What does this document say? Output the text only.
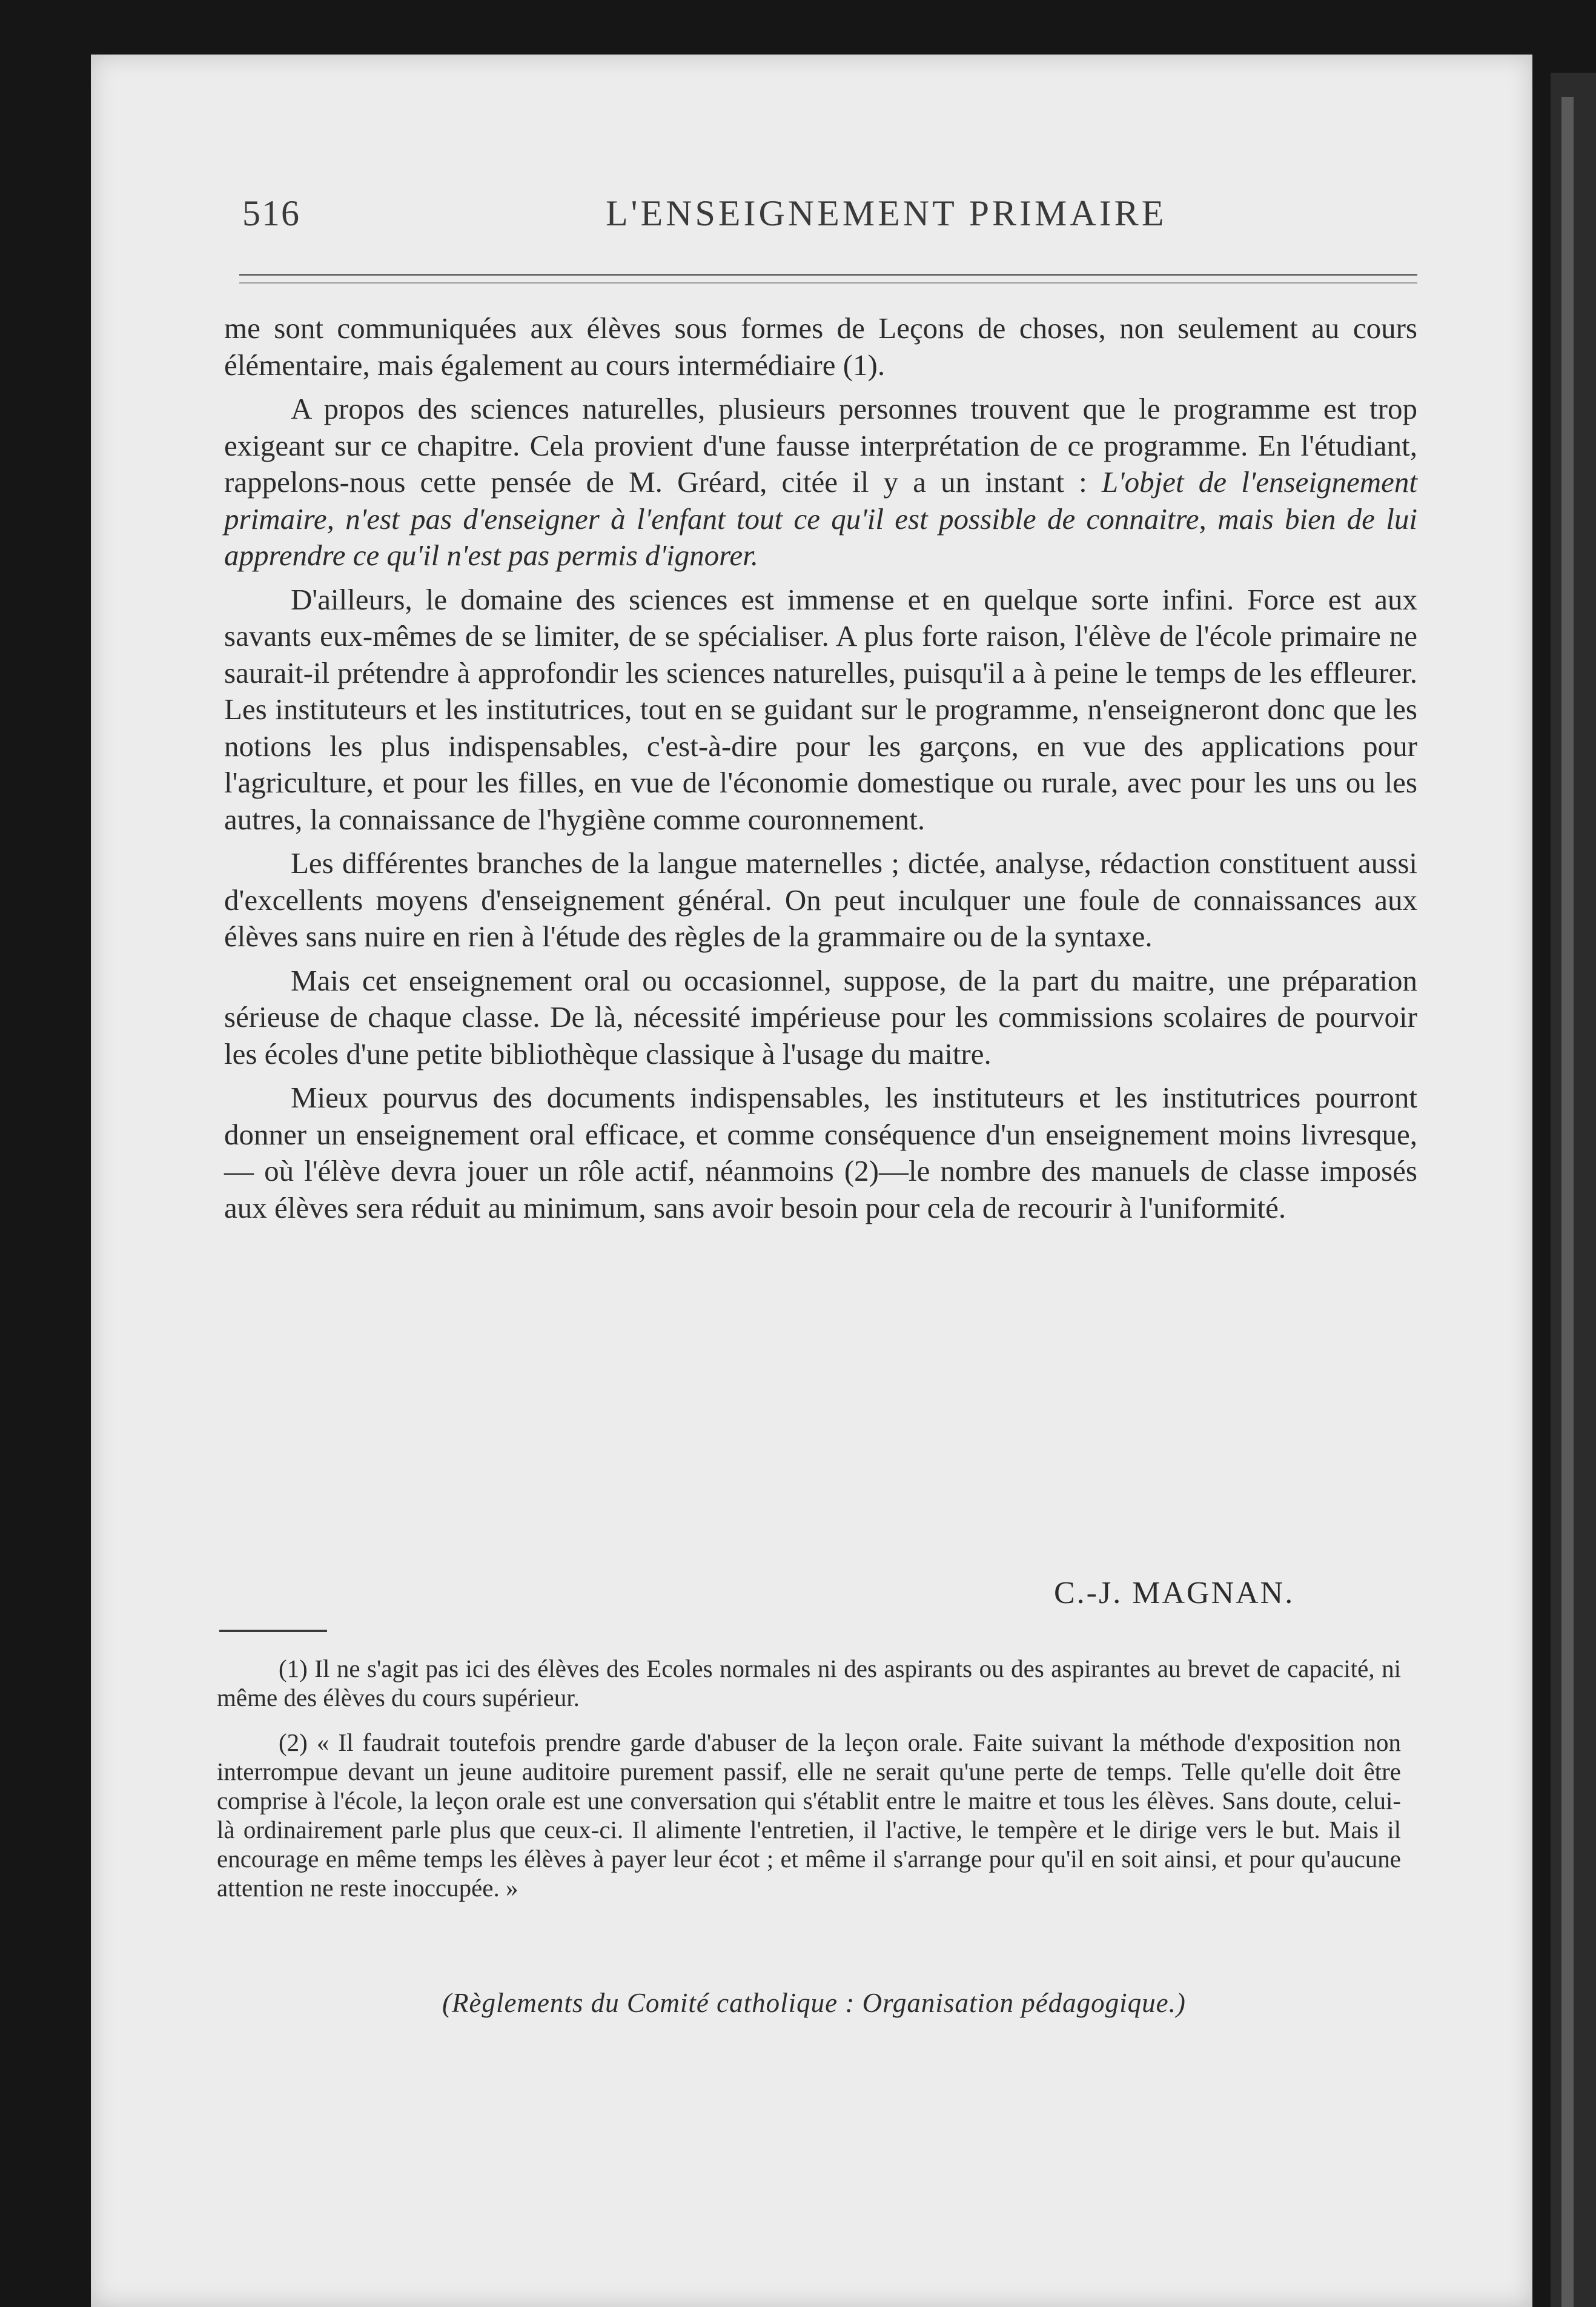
516	L'ENSEIGNEMENT PRIMAIRE

me sont communiquées aux élèves sous formes de Leçons de choses, non seulement au cours élémentaire, mais également au cours intermédiaire (1).

A propos des sciences naturelles, plusieurs personnes trouvent que le programme est trop exigeant sur ce chapitre. Cela provient d'une fausse interprétation de ce programme. En l'étudiant, rappelons-nous cette pensée de M. Gréard, citée il y a un instant : L'objet de l'enseignement primaire, n'est pas d'enseigner à l'enfant tout ce qu'il est possible de connaitre, mais bien de lui apprendre ce qu'il n'est pas permis d'ignorer.

D'ailleurs, le domaine des sciences est immense et en quelque sorte infini. Force est aux savants eux-mêmes de se limiter, de se spécialiser. A plus forte raison, l'élève de l'école primaire ne saurait-il prétendre à approfondir les sciences naturelles, puisqu'il a à peine le temps de les effleurer. Les instituteurs et les institutrices, tout en se guidant sur le programme, n'enseigneront donc que les notions les plus indispensables, c'est-à-dire pour les garçons, en vue des applications pour l'agriculture, et pour les filles, en vue de l'économie domestique ou rurale, avec pour les uns ou les autres, la connaissance de l'hygiène comme couronnement.

Les différentes branches de la langue maternelles ; dictée, analyse, rédaction constituent aussi d'excellents moyens d'enseignement général. On peut inculquer une foule de connaissances aux élèves sans nuire en rien à l'étude des règles de la grammaire ou de la syntaxe.

Mais cet enseignement oral ou occasionnel, suppose, de la part du maitre, une préparation sérieuse de chaque classe. De là, nécessité impérieuse pour les commissions scolaires de pourvoir les écoles d'une petite bibliothèque classique à l'usage du maitre.

Mieux pourvus des documents indispensables, les instituteurs et les institutrices pourront donner un enseignement oral efficace, et comme conséquence d'un enseignement moins livresque, — où l'élève devra jouer un rôle actif, néanmoins (2)—le nombre des manuels de classe imposés aux élèves sera réduit au minimum, sans avoir besoin pour cela de recourir à l'uniformité.

C.-J. MAGNAN.

(1) Il ne s'agit pas ici des élèves des Ecoles normales ni des aspirants ou des aspirantes au brevet de capacité, ni même des élèves du cours supérieur.

(2) « Il faudrait toutefois prendre garde d'abuser de la leçon orale. Faite suivant la méthode d'exposition non interrompue devant un jeune auditoire purement passif, elle ne serait qu'une perte de temps. Telle qu'elle doit être comprise à l'école, la leçon orale est une conversation qui s'établit entre le maitre et tous les élèves. Sans doute, celui-là ordinairement parle plus que ceux-ci. Il alimente l'entretien, il l'active, le tempère et le dirige vers le but. Mais il encourage en même temps les élèves à payer leur écot ; et même il s'arrange pour qu'il en soit ainsi, et pour qu'aucune attention ne reste inoccupée. »

(Règlements du Comité catholique : Organisation pédagogique.)
